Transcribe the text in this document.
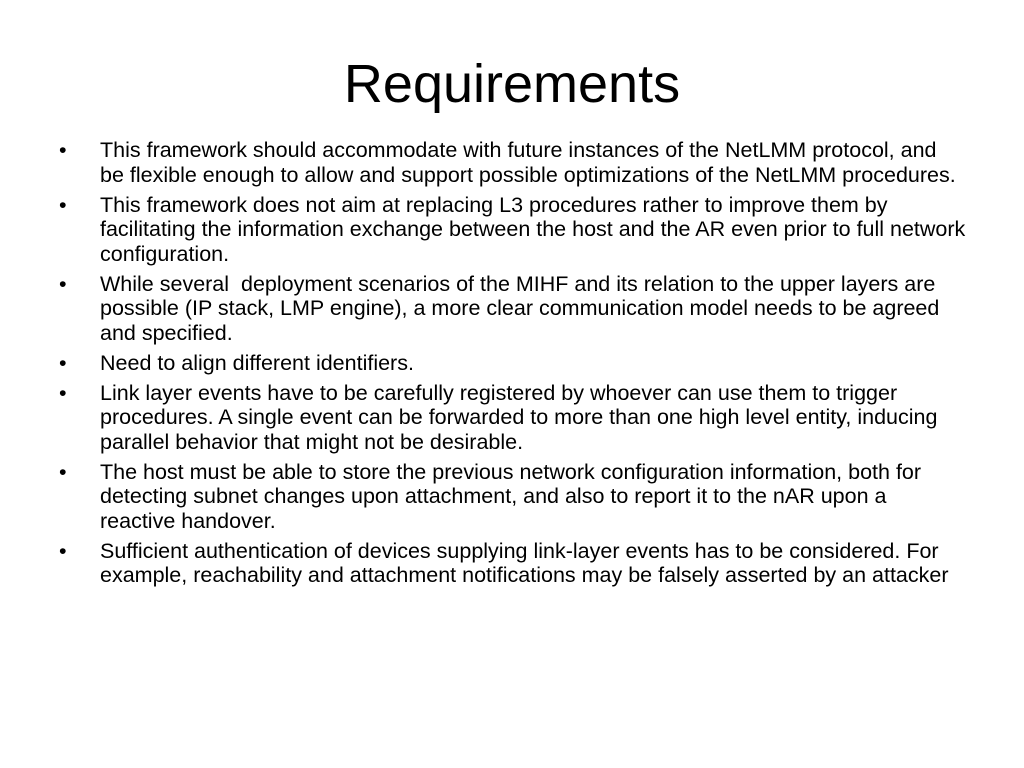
Requirements
• This framework should accommodate with future instances of the NetLMM protocol, and be flexible enough to allow and support possible optimizations of the NetLMM procedures.
• This framework does not aim at replacing L3 procedures rather to improve them by facilitating the information exchange between the host and the AR even prior to full network configuration.
• While several  deployment scenarios of the MIHF and its relation to the upper layers are possible (IP stack, LMP engine), a more clear communication model needs to be agreed and specified.
• Need to align different identifiers.
• Link layer events have to be carefully registered by whoever can use them to trigger procedures. A single event can be forwarded to more than one high level entity, inducing parallel behavior that might not be desirable.
• The host must be able to store the previous network configuration information, both for detecting subnet changes upon attachment, and also to report it to the nAR upon a reactive handover.
• Sufficient authentication of devices supplying link-layer events has to be considered. For example, reachability and attachment notifications may be falsely asserted by an attacker
